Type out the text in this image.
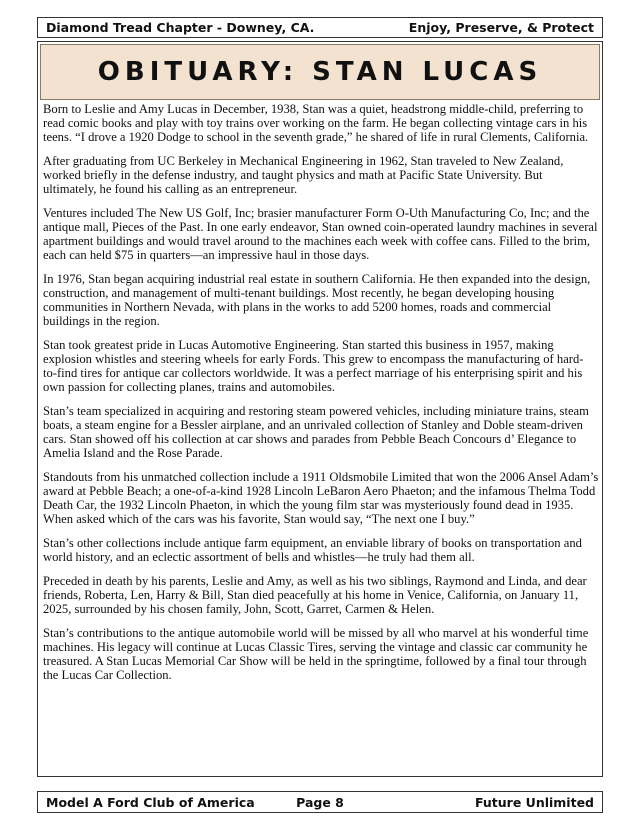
Diamond Tread Chapter - Downey, CA.	Enjoy, Preserve, & Protect
OBITUARY: STAN LUCAS

Born to Leslie and Amy Lucas in December, 1938, Stan was a quiet, headstrong middle-child, preferring to read comic books and play with toy trains over working on the farm. He began collecting vintage cars in his teens. “I drove a 1920 Dodge to school in the seventh grade,” he shared of life in rural Clements, California.

After graduating from UC Berkeley in Mechanical Engineering in 1962, Stan traveled to New Zealand, worked briefly in the defense industry, and taught physics and math at Pacific State University. But ultimately, he found his calling as an entrepreneur.

Ventures included The New US Golf, Inc; brasier manufacturer Form O-Uth Manufacturing Co, Inc; and the antique mall, Pieces of the Past. In one early endeavor, Stan owned coin-operated laundry machines in several apartment buildings and would travel around to the machines each week with coffee cans. Filled to the brim, each can held $75 in quarters—an impressive haul in those days.

In 1976, Stan began acquiring industrial real estate in southern California. He then expanded into the design, construction, and management of multi-tenant buildings. Most recently, he began developing housing communities in Northern Nevada, with plans in the works to add 5200 homes, roads and commercial buildings in the region.

Stan took greatest pride in Lucas Automotive Engineering. Stan started this business in 1957, making explosion whistles and steering wheels for early Fords. This grew to encompass the manufacturing of hard- to-find tires for antique car collectors worldwide. It was a perfect marriage of his enterprising spirit and his own passion for collecting planes, trains and automobiles.

Stan’s team specialized in acquiring and restoring steam powered vehicles, including miniature trains, steam boats, a steam engine for a Bessler airplane, and an unrivaled collection of Stanley and Doble steam-driven cars. Stan showed off his collection at car shows and parades from Pebble Beach Concours d’ Elegance to Amelia Island and the Rose Parade.

Standouts from his unmatched collection include a 1911 Oldsmobile Limited that won the 2006 Ansel Adam’s award at Pebble Beach; a one-of-a-kind 1928 Lincoln LeBaron Aero Phaeton; and the infamous Thelma Todd Death Car, the 1932 Lincoln Phaeton, in which the young film star was mysteriously found dead in 1935. When asked which of the cars was his favorite, Stan would say, “The next one I buy.”

Stan’s other collections include antique farm equipment, an enviable library of books on transportation and world history, and an eclectic assortment of bells and whistles—he truly had them all.

Preceded in death by his parents, Leslie and Amy, as well as his two siblings, Raymond and Linda, and dear friends, Roberta, Len, Harry & Bill, Stan died peacefully at his home in Venice, California, on January 11, 2025, surrounded by his chosen family, John, Scott, Garret, Carmen & Helen.

Stan’s contributions to the antique automobile world will be missed by all who marvel at his wonderful time machines. His legacy will continue at Lucas Classic Tires, serving the vintage and classic car community he treasured. A Stan Lucas Memorial Car Show will be held in the springtime, followed by a final tour through the Lucas Car Collection.

Model A Ford Club of America	Page 8	Future Unlimited
